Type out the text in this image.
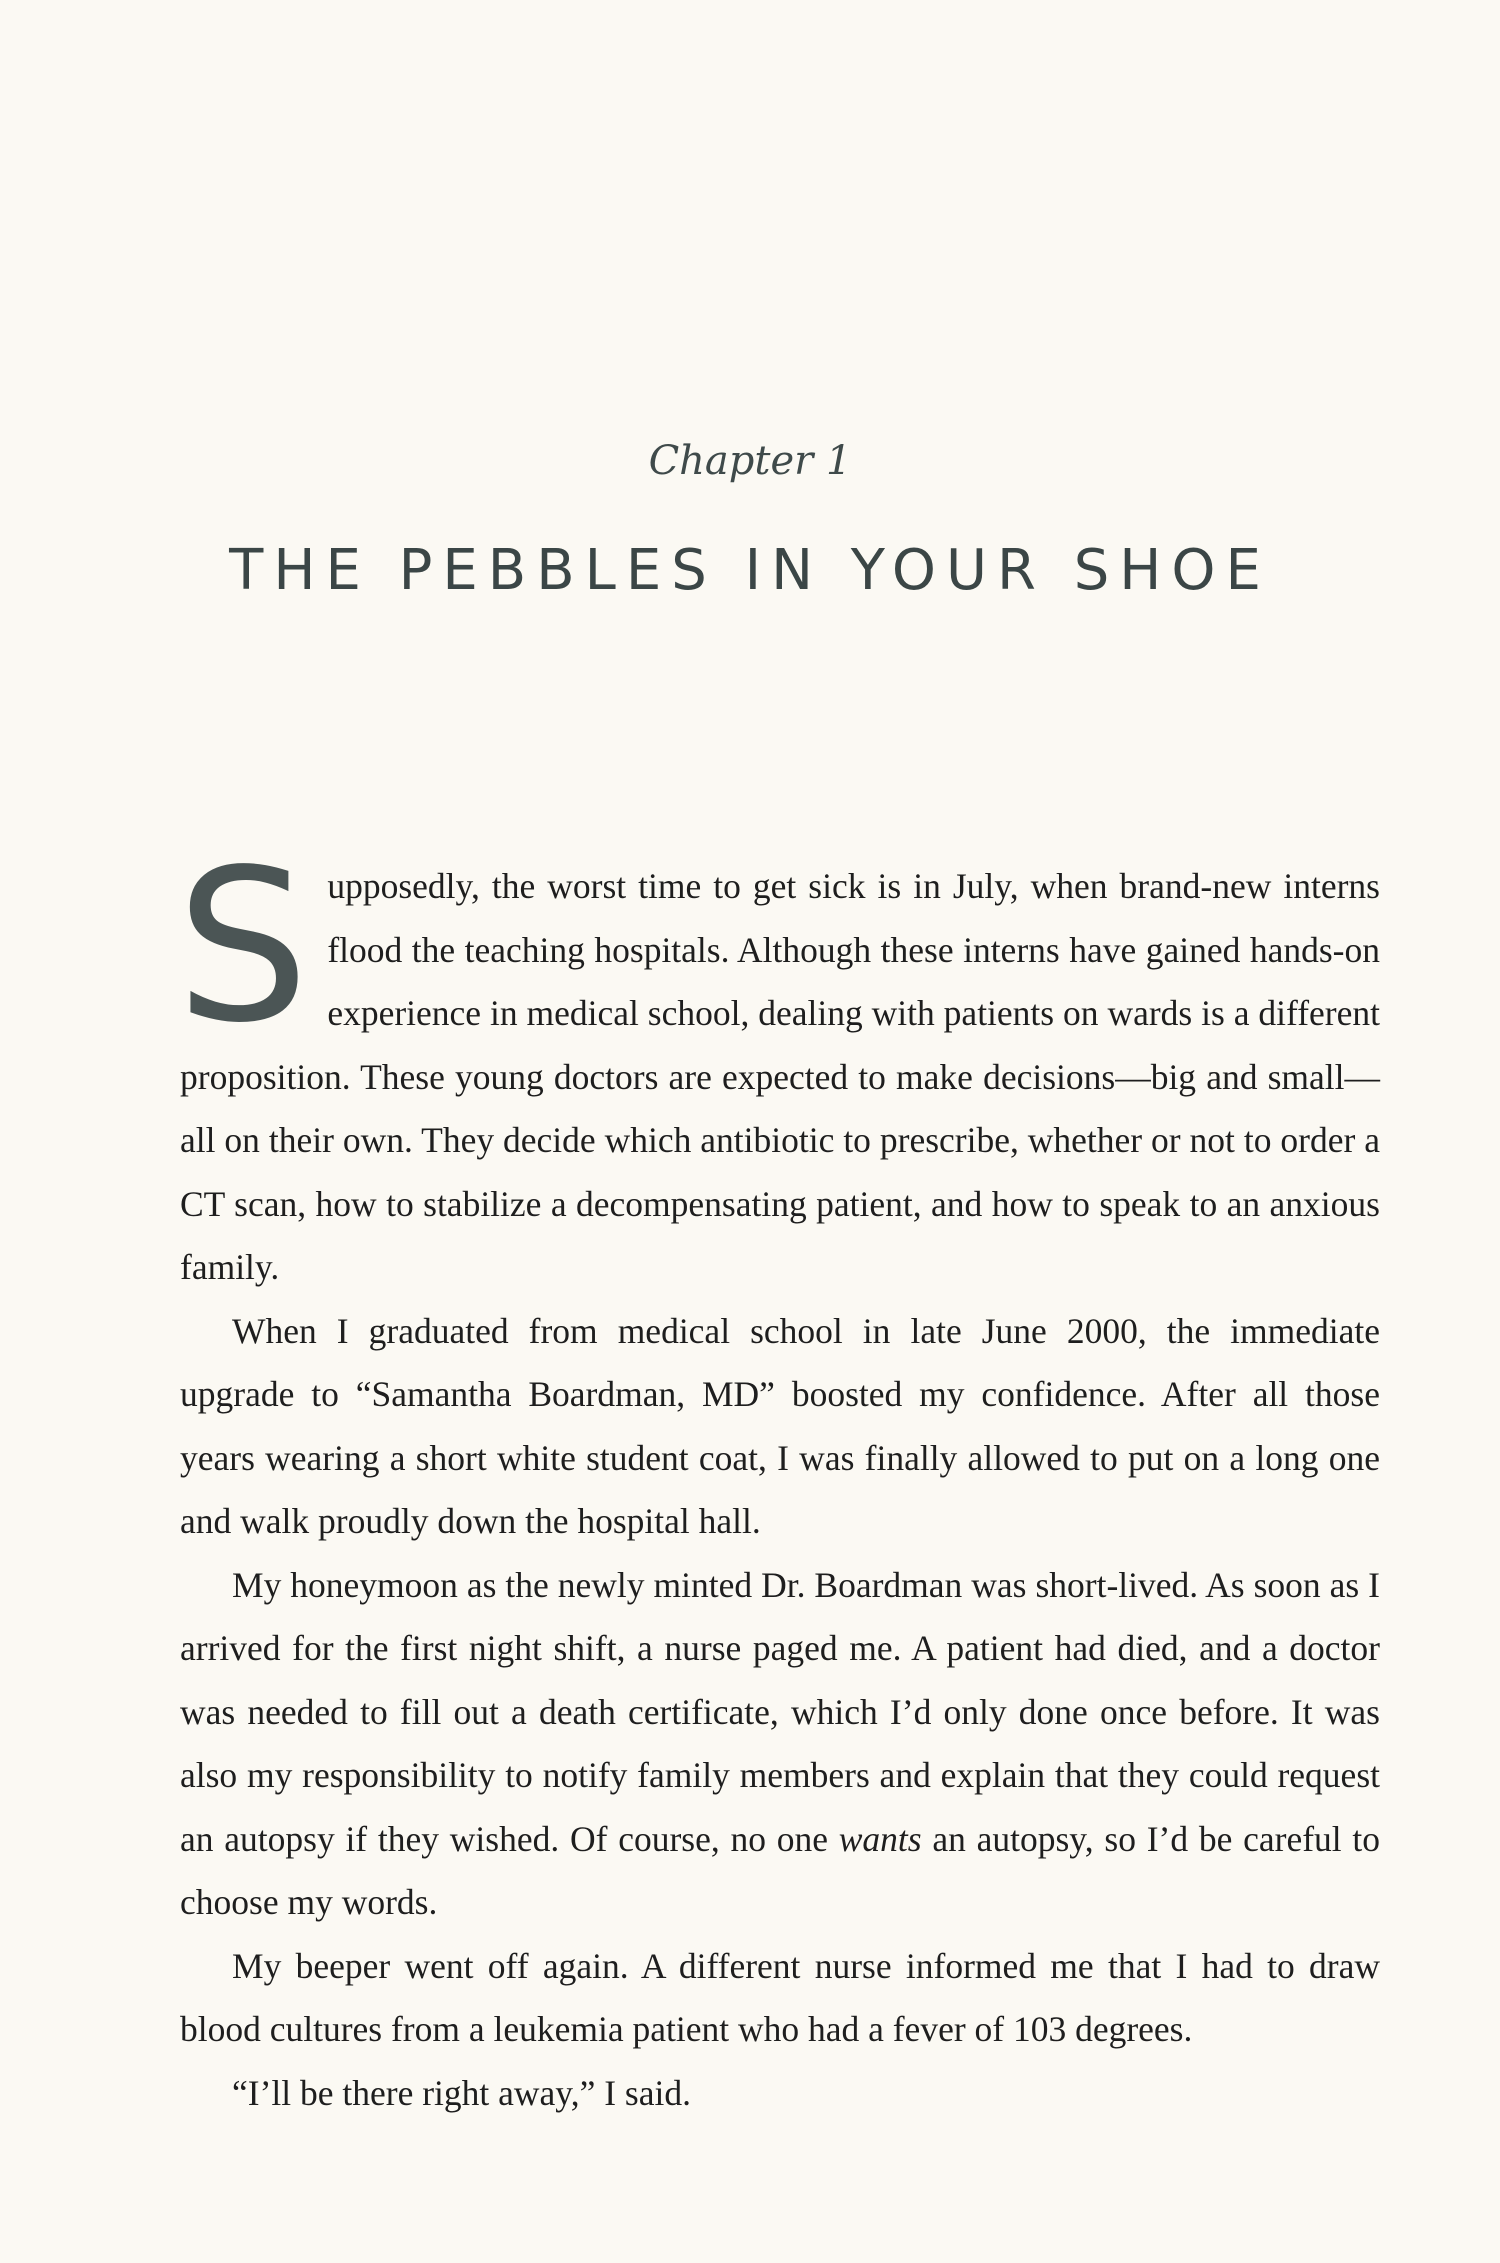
Chapter 1
THE PEBBLES IN YOUR SHOE

Supposedly, the worst time to get sick is in July, when brand-new interns flood the teaching hospitals. Although these interns have gained hands-on experience in medical school, dealing with patients on wards is a different proposition. These young doctors are expected to make decisions—big and small—all on their own. They decide which antibiotic to prescribe, whether or not to order a CT scan, how to stabilize a decompensating patient, and how to speak to an anxious family.

When I graduated from medical school in late June 2000, the immediate upgrade to “Samantha Boardman, MD” boosted my confidence. After all those years wearing a short white student coat, I was finally allowed to put on a long one and walk proudly down the hospital hall.

My honeymoon as the newly minted Dr. Boardman was short-lived. As soon as I arrived for the first night shift, a nurse paged me. A patient had died, and a doctor was needed to fill out a death certificate, which I’d only done once before. It was also my responsibility to notify family members and explain that they could request an autopsy if they wished. Of course, no one wants an autopsy, so I’d be careful to choose my words.

My beeper went off again. A different nurse informed me that I had to draw blood cultures from a leukemia patient who had a fever of 103 degrees.

“I’ll be there right away,” I said.
